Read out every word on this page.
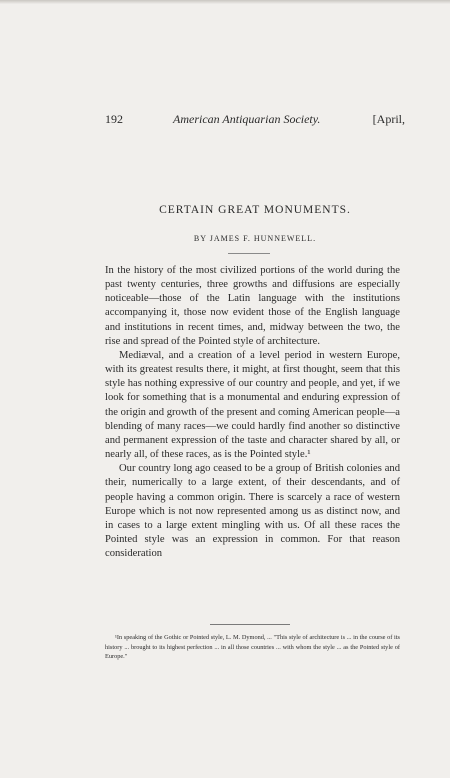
192	American Antiquarian Society.	[April,
CERTAIN GREAT MONUMENTS.
BY JAMES F. HUNNEWELL.

In the history of the most civilized portions of the world during the past twenty centuries, three growths and diffusions are especially noticeable—those of the Latin language with the institutions accompanying it, those now evident those of the English language and institutions in recent times, and, midway between the two, the rise and spread of the Pointed style of architecture.

Mediæval, and a creation of a level period in western Europe, with its greatest results there, it might, at first thought, seem that this style has nothing expressive of our country and people, and yet, if we look for something that is a monumental and enduring expression of the origin and growth of the present and coming American people—a blending of many races—we could hardly find another so distinctive and permanent expression of the taste and character shared by all, or nearly all, of these races, as is the Pointed style.¹

Our country long ago ceased to be a group of British colonies and their, numerically to a large extent, of their descendants, and of people having a common origin. There is scarcely a race of western Europe which is not now represented among us as distinct now, and in cases to a large extent mingling with us. Of all these races the Pointed style was an expression in common. For that reason consideration

¹In speaking of the Gothic or Pointed style, L. M. Dymond, ... "This style of architecture is ... in the course of its history ... brought to its highest perfection ... in all those countries ... with whom the style ... as the Pointed style of Europe."
